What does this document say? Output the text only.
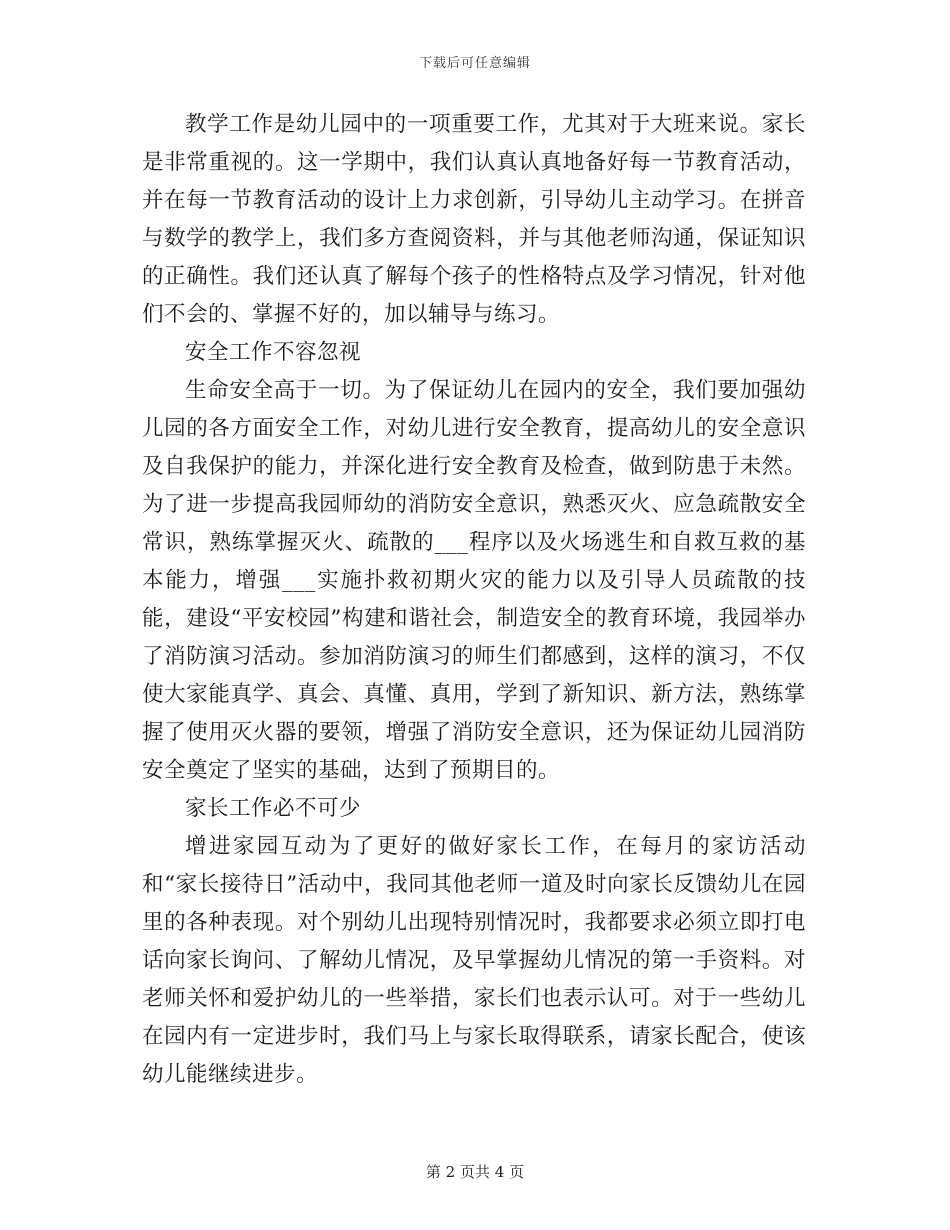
下载后可任意编辑

教学工作是幼儿园中的一项重要工作，尤其对于大班来说。家长是非常重视的。这一学期中，我们认真认真地备好每一节教育活动，并在每一节教育活动的设计上力求创新，引导幼儿主动学习。在拼音与数学的教学上，我们多方查阅资料，并与其他老师沟通，保证知识的正确性。我们还认真了解每个孩子的性格特点及学习情况，针对他们不会的、掌握不好的，加以辅导与练习。

安全工作不容忽视

生命安全高于一切。为了保证幼儿在园内的安全，我们要加强幼儿园的各方面安全工作，对幼儿进行安全教育，提高幼儿的安全意识及自我保护的能力，并深化进行安全教育及检查，做到防患于未然。为了进一步提高我园师幼的消防安全意识，熟悉灭火、应急疏散安全常识，熟练掌握灭火、疏散的___程序以及火场逃生和自救互救的基本能力，增强___实施扑救初期火灾的能力以及引导人员疏散的技能，建设“平安校园”构建和谐社会，制造安全的教育环境，我园举办了消防演习活动。参加消防演习的师生们都感到，这样的演习，不仅使大家能真学、真会、真懂、真用，学到了新知识、新方法，熟练掌握了使用灭火器的要领，增强了消防安全意识，还为保证幼儿园消防安全奠定了坚实的基础，达到了预期目的。

家长工作必不可少

增进家园互动为了更好的做好家长工作，在每月的家访活动和“家长接待日”活动中，我同其他老师一道及时向家长反馈幼儿在园里的各种表现。对个别幼儿出现特别情况时，我都要求必须立即打电话向家长询问、了解幼儿情况，及早掌握幼儿情况的第一手资料。对老师关怀和爱护幼儿的一些举措，家长们也表示认可。对于一些幼儿在园内有一定进步时，我们马上与家长取得联系，请家长配合，使该幼儿能继续进步。

第 2 页共 4 页
